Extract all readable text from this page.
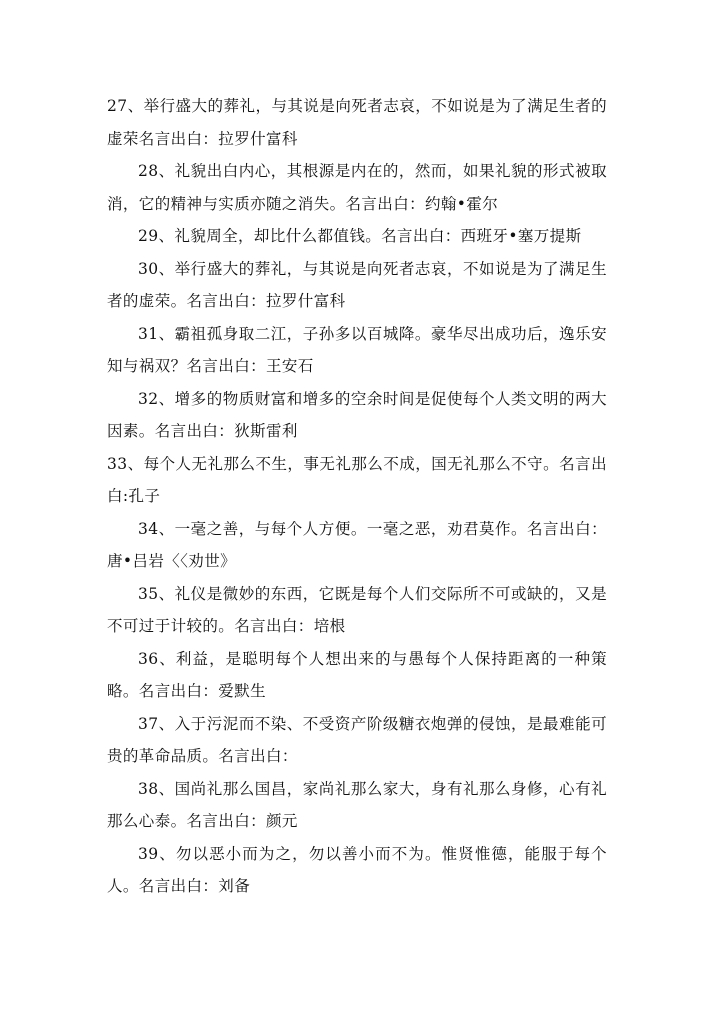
27、举行盛大的葬礼，与其说是向死者志哀，不如说是为了满足生者的虚荣名言出白：拉罗什富科

28、礼貌出白内心，其根源是内在的，然而，如果礼貌的形式被取消，它的精神与实质亦随之消失。名言出白：约翰•霍尔

29、礼貌周全，却比什么都值钱。名言出白：西班牙•塞万提斯

30、举行盛大的葬礼，与其说是向死者志哀，不如说是为了满足生者的虚荣。名言出白：拉罗什富科

31、霸祖孤身取二江，子孙多以百城降。豪华尽出成功后，逸乐安知与祸双？名言出白：王安石

32、增多的物质财富和增多的空余时间是促使每个人类文明的两大因素。名言出白：狄斯雷利

33、每个人无礼那么不生，事无礼那么不成，国无礼那么不守。名言出白:孔子

34、一毫之善，与每个人方便。一毫之恶，劝君莫作。名言出白：唐•吕岩〈〈劝世》

35、礼仪是微妙的东西，它既是每个人们交际所不可或缺的，又是不可过于计较的。名言出白：培根

36、利益，是聪明每个人想出来的与愚每个人保持距离的一种策略。名言出白：爱默生

37、入于污泥而不染、不受资产阶级糖衣炮弹的侵蚀，是最难能可贵的革命品质。名言出白：

38、国尚礼那么国昌，家尚礼那么家大，身有礼那么身修，心有礼那么心泰。名言出白：颜元

39、勿以恶小而为之，勿以善小而不为。惟贤惟德，能服于每个人。名言出白：刘备
